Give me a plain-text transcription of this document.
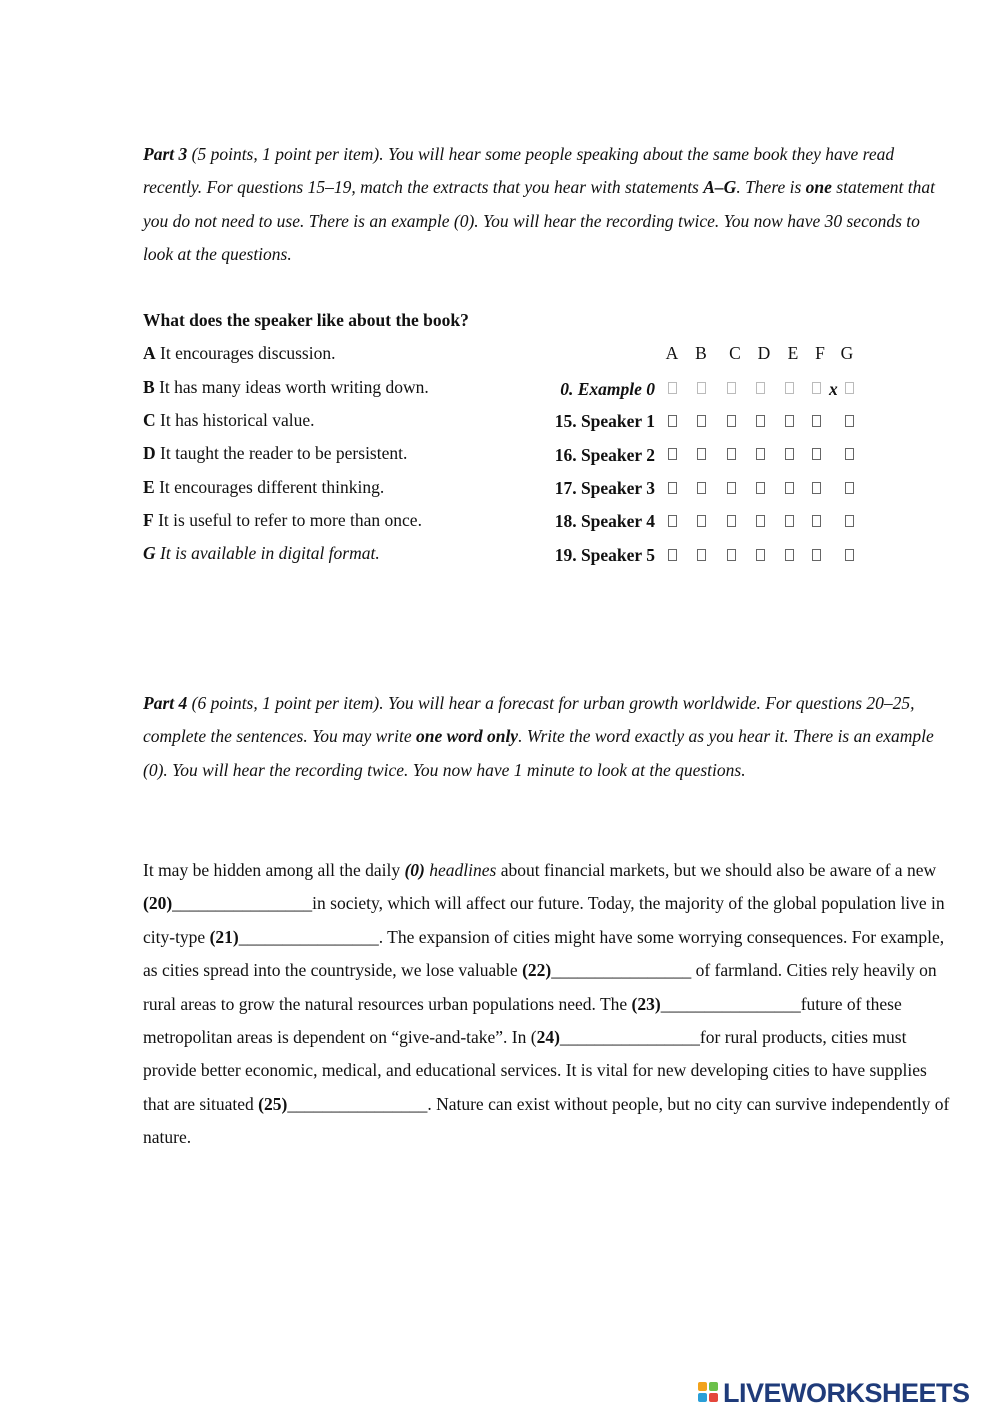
Part 3 (5 points, 1 point per item). You will hear some people speaking about the same book they have read recently. For questions 15–19, match the extracts that you hear with statements A–G. There is one statement that you do not need to use. There is an example (0). You will hear the recording twice. You now have 30 seconds to look at the questions.

What does the speaker like about the book?
A It encourages discussion.
B It has many ideas worth writing down.
C It has historical value.
D It taught the reader to be persistent.
E It encourages different thinking.
F It is useful to refer to more than once.
G It is available in digital format.
A B C D E F G
0. Example 0
15. Speaker 1
16. Speaker 2
17. Speaker 3
18. Speaker 4
19. Speaker 5
x

Part 4 (6 points, 1 point per item). You will hear a forecast for urban growth worldwide. For questions 20–25, complete the sentences. You may write one word only. Write the word exactly as you hear it. There is an example (0). You will hear the recording twice. You now have 1 minute to look at the questions.

It may be hidden among all the daily (0) headlines about financial markets, but we should also be aware of a new (20)________________in society, which will affect our future. Today, the majority of the global population live in city-type (21)________________. The expansion of cities might have some worrying consequences. For example, as cities spread into the countryside, we lose valuable (22)________________ of farmland. Cities rely heavily on rural areas to grow the natural resources urban populations need. The (23)________________future of these metropolitan areas is dependent on “give-and-take”. In (24)________________for rural products, cities must provide better economic, medical, and educational services. It is vital for new developing cities to have supplies that are situated (25)________________. Nature can exist without people, but no city can survive independently of nature.

LIVEWORKSHEETS
